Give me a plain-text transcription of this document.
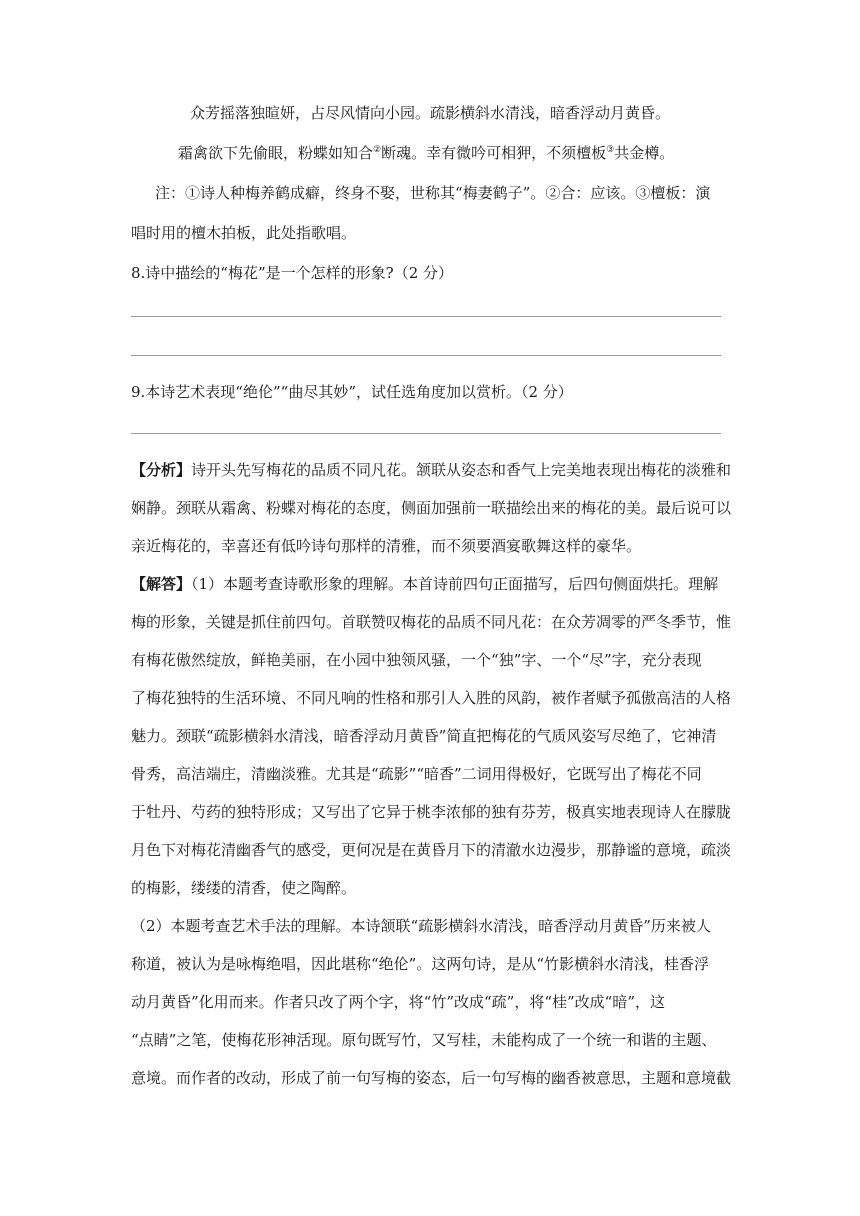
众芳摇落独暄妍，占尽风情向小园。疏影横斜水清浅，暗香浮动月黄昏。
霜禽欲下先偷眼，粉蝶如知合②断魂。幸有微吟可相狎，不须檀板③共金樽。
注：①诗人种梅养鹤成癖，终身不娶，世称其“梅妻鹤子”。②合：应该。③檀板：演
唱时用的檀木拍板，此处指歌唱。
8.诗中描绘的“梅花”是一个怎样的形象?（2 分）
9.本诗艺术表现“绝伦”“曲尽其妙”，试任选角度加以赏析。（2 分）
【分析】诗开头先写梅花的品质不同凡花。颔联从姿态和香气上完美地表现出梅花的淡雅和
娴静。颈联从霜禽、粉蝶对梅花的态度，侧面加强前一联描绘出来的梅花的美。最后说可以
亲近梅花的，幸喜还有低吟诗句那样的清雅，而不须要酒宴歌舞这样的豪华。
【解答】（1）本题考查诗歌形象的理解。本首诗前四句正面描写，后四句侧面烘托。理解
梅的形象，关键是抓住前四句。首联赞叹梅花的品质不同凡花：在众芳凋零的严冬季节，惟
有梅花傲然绽放，鲜艳美丽，在小园中独领风骚，一个“独”字、一个“尽”字，充分表现
了梅花独特的生活环境、不同凡响的性格和那引人入胜的风韵，被作者赋予孤傲高洁的人格
魅力。颈联“疏影横斜水清浅，暗香浮动月黄昏”简直把梅花的气质风姿写尽绝了，它神清
骨秀，高洁端庄，清幽淡雅。尤其是“疏影”“暗香”二词用得极好，它既写出了梅花不同
于牡丹、芍药的独特形成；又写出了它异于桃李浓郁的独有芬芳，极真实地表现诗人在朦胧
月色下对梅花清幽香气的感受，更何况是在黄昏月下的清澈水边漫步，那静谧的意境，疏淡
的梅影，缕缕的清香，使之陶醉。
（2）本题考查艺术手法的理解。本诗颔联“疏影横斜水清浅，暗香浮动月黄昏”历来被人
称道，被认为是咏梅绝唱，因此堪称“绝伦”。这两句诗，是从“竹影横斜水清浅，桂香浮
动月黄昏”化用而来。作者只改了两个字，将“竹”改成“疏”，将“桂”改成“暗”，这
“点睛”之笔，使梅花形神活现。原句既写竹，又写桂，未能构成了一个统一和谐的主题、
意境。而作者的改动，形成了前一句写梅的姿态，后一句写梅的幽香被意思，主题和意境截
